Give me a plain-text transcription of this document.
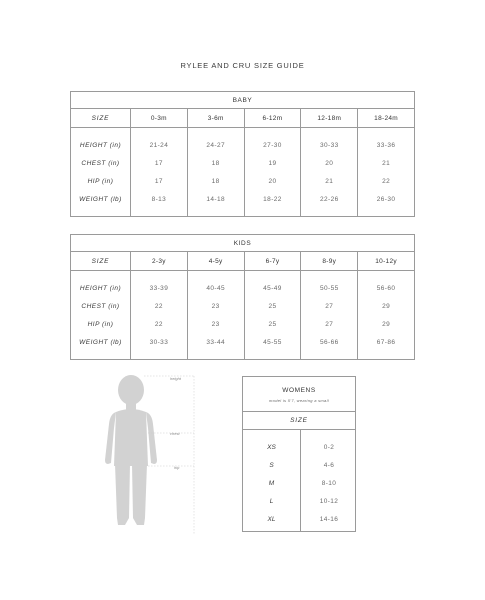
RYLEE AND CRU SIZE GUIDE
BABY					
SIZE	0-3m	3-6m	6-12m	12-18m	18-24m
HEIGHT (in)	21-24	24-27	27-30	30-33	33-36
CHEST (in)	17	18	19	20	21
HIP (in)	17	18	20	21	22
WEIGHT (lb)	8-13	14-18	18-22	22-26	26-30
KIDS					
SIZE	2-3y	4-5y	6-7y	8-9y	10-12y
HEIGHT (in)	33-39	40-45	45-49	50-55	56-60
CHEST (in)	22	23	25	27	29
HIP (in)	22	23	25	27	29
WEIGHT (lb)	30-33	33-44	45-55	56-66	67-86
height
chest
hip
WOMENS
model is 5'7, wearing a small
SIZE
XS	0-2
S	4-6
M	8-10
L	10-12
XL	14-16
